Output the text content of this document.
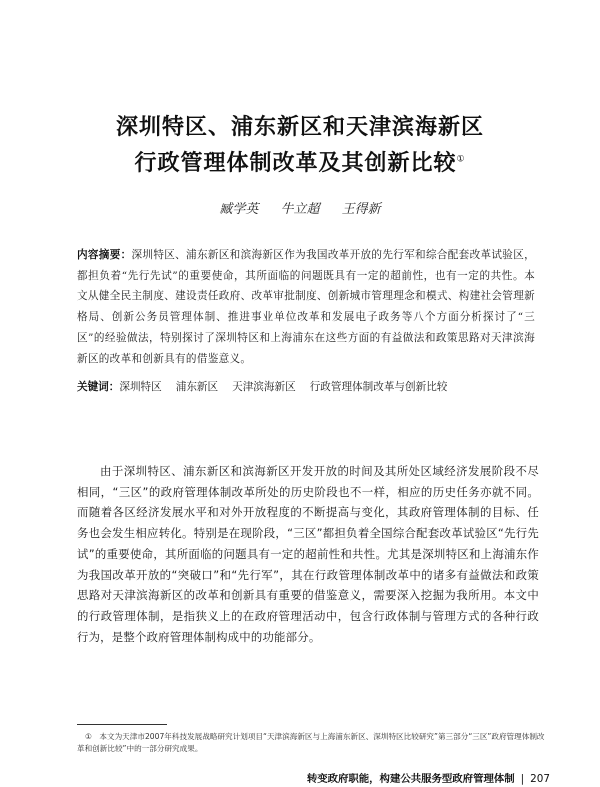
深圳特区、浦东新区和天津滨海新区
行政管理体制改革及其创新比较①
臧学英 牛立超 王得新
内容摘要：深圳特区、浦东新区和滨海新区作为我国改革开放的先行军和综合配套改革试验区，都担负着“先行先试”的重要使命，其所面临的问题既具有一定的超前性，也有一定的共性。本文从健全民主制度、建设责任政府、改革审批制度、创新城市管理理念和模式、构建社会管理新格局、创新公务员管理体制、推进事业单位改革和发展电子政务等八个方面分析探讨了“三区”的经验做法，特别探讨了深圳特区和上海浦东在这些方面的有益做法和政策思路对天津滨海新区的改革和创新具有的借鉴意义。
关键词：深圳特区 浦东新区 天津滨海新区 行政管理体制改革与创新比较
由于深圳特区、浦东新区和滨海新区开发开放的时间及其所处区域经济发展阶段不尽相同，“三区”的政府管理体制改革所处的历史阶段也不一样，相应的历史任务亦就不同。而随着各区经济发展水平和对外开放程度的不断提高与变化，其政府管理体制的目标、任务也会发生相应转化。特别是在现阶段，“三区”都担负着全国综合配套改革试验区“先行先试”的重要使命，其所面临的问题具有一定的超前性和共性。尤其是深圳特区和上海浦东作为我国改革开放的“突破口”和“先行军”，其在行政管理体制改革中的诸多有益做法和政策思路对天津滨海新区的改革和创新具有重要的借鉴意义，需要深入挖掘为我所用。本文中的行政管理体制，是指狭义上的在政府管理活动中，包含行政体制与管理方式的各种行政行为，是整个政府管理体制构成中的功能部分。
①　 本文为天津市2007年科技发展战略研究计划项目“天津滨海新区与上海浦东新区、深圳特区比较研究”第三部分“三区”政府管理体制改革和创新比较”中的一部分研究成果。
转变政府职能，构建公共服务型政府管理体制 | 207
